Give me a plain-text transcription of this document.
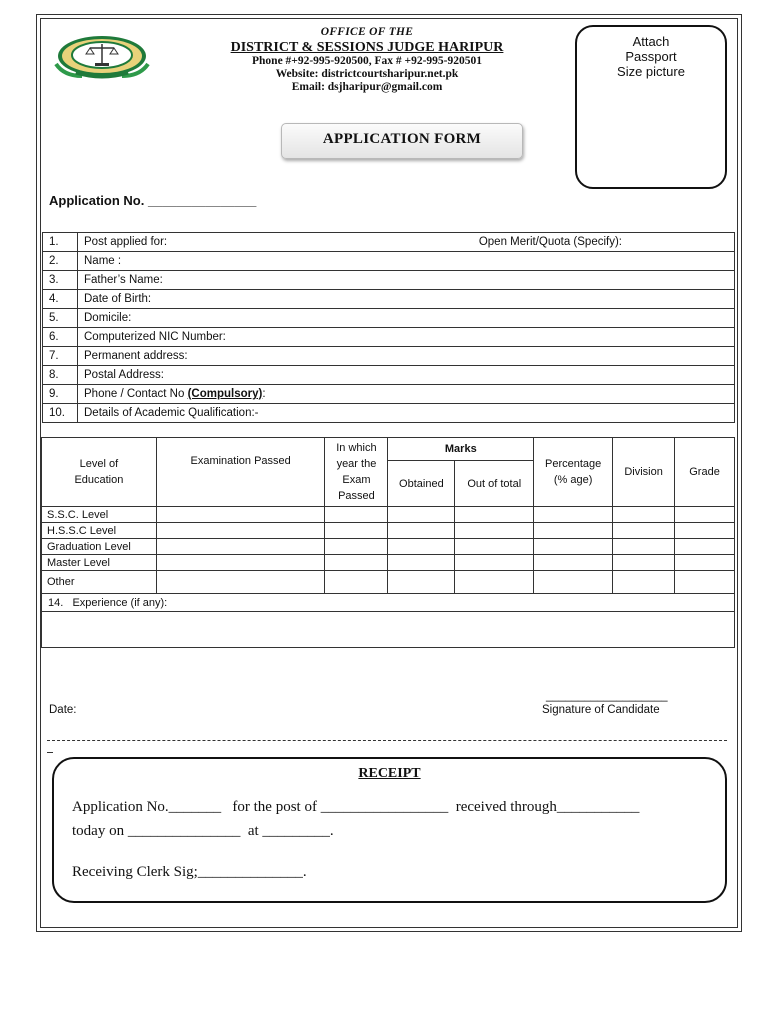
OFFICE OF THE
DISTRICT & SESSIONS JUDGE HARIPUR
Phone #+92-995-920500, Fax # +92-995-920501
Website: districtcourtsharipur.net.pk
Email: dsjharipur@gmail.com
Attach
Passport
Size picture
APPLICATION FORM
Application No. _______________
1.	Post applied for: Open Merit/Quota (Specify):

2.	Name :
3.	Father’s Name:
4.	Date of Birth:
5.	Domicile:
6.	Computerized NIC Number:
7.	Permanent address:
8.	Postal Address:
9.	Phone / Contact No (Compulsory):
10.	Details of Academic Qualification:-
Level of Education	Examination Passed	In which year the Exam Passed	Marks		Percentage (% age)	Division	Grade
			Obtained	Out of total			
S.S.C. Level							
H.S.S.C Level							
Graduation Level							
Master Level							
Other							
14.   Experience (if any):							

Date:
___________________
Signature of Candidate
RECEIPT
Application No._______   for the post of _________________  received through___________
today on _______________  at _________.
Receiving Clerk Sig;______________.
